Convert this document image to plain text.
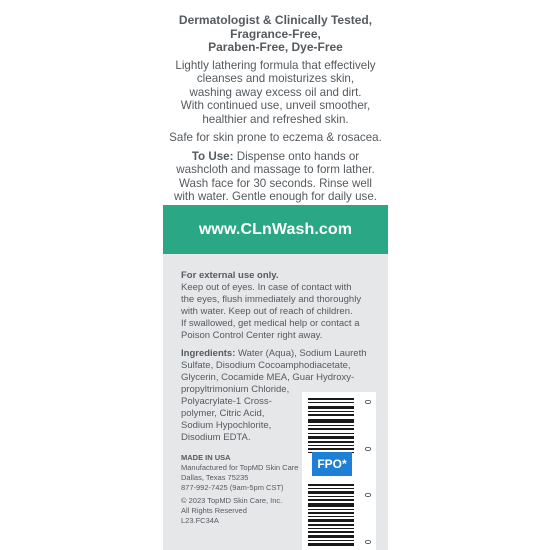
Dermatologist & Clinically Tested,
Fragrance-Free,
Paraben-Free, Dye-Free
Lightly lathering formula that effectively
cleanses and moisturizes skin,
washing away excess oil and dirt.
With continued use, unveil smoother,
healthier and refreshed skin.
Safe for skin prone to eczema & rosacea.
To Use: Dispense onto hands or
washcloth and massage to form lather.
Wash face for 30 seconds. Rinse well
with water. Gentle enough for daily use.
www.CLnWash.com
For external use only.
Keep out of eyes. In case of contact with
the eyes, flush immediately and thoroughly
with water. Keep out of reach of children.
If swallowed, get medical help or contact a
Poison Control Center right away.
Ingredients: Water (Aqua), Sodium Laureth
Sulfate, Disodium Cocoamphodiacetate,
Glycerin, Cocamide MEA, Guar Hydroxy-
propyltrimonium Chloride,
Polyacrylate-1 Cross-
polymer, Citric Acid,
Sodium Hypochlorite,
Disodium EDTA.
MADE IN USA
Manufactured for TopMD Skin Care
Dallas, Texas 75235
877-992-7425 (9am-5pm CST)
© 2023 TopMD Skin Care, Inc.
All Rights Reserved
L23.FC34A
FPO*
0
0
0
0
